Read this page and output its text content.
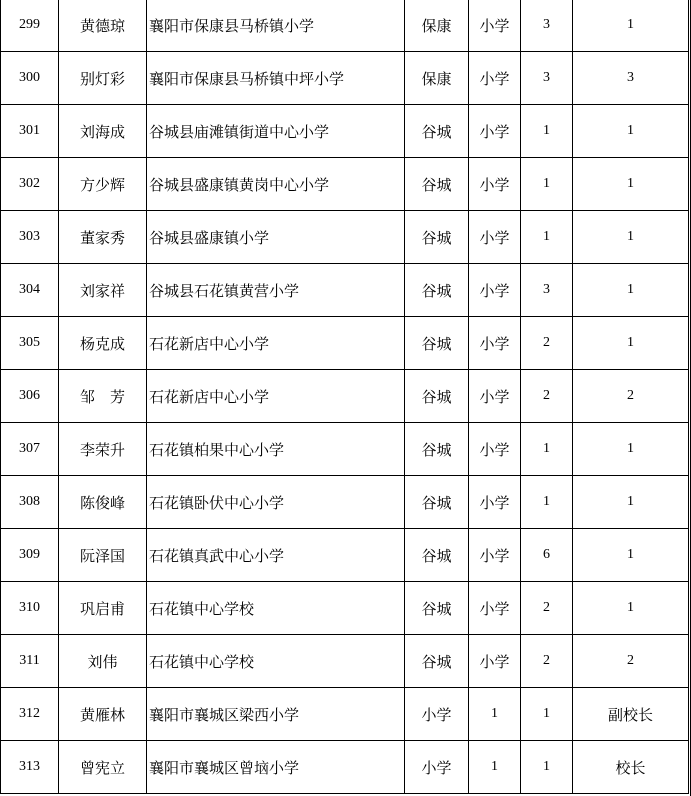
299	黄德琼	襄阳市保康县马桥镇小学	保康	小学	3	1
300	别灯彩	襄阳市保康县马桥镇中坪小学	保康	小学	3	3
301	刘海成	谷城县庙滩镇街道中心小学	谷城	小学	1	1
302	方少辉	谷城县盛康镇黄岗中心小学	谷城	小学	1	1
303	董家秀	谷城县盛康镇小学	谷城	小学	1	1
304	刘家祥	谷城县石花镇黄营小学	谷城	小学	3	1
305	杨克成	石花新店中心小学	谷城	小学	2	1
306	邹　芳	石花新店中心小学	谷城	小学	2	2
307	李荣升	石花镇柏果中心小学	谷城	小学	1	1
308	陈俊峰	石花镇卧伏中心小学	谷城	小学	1	1
309	阮泽国	石花镇真武中心小学	谷城	小学	6	1
310	巩启甫	石花镇中心学校	谷城	小学	2	1
311	刘伟	石花镇中心学校	谷城	小学	2	2
312	黄雁林	襄阳市襄城区梁西小学	小学	1	1	副校长
313	曾宪立	襄阳市襄城区曾垴小学	小学	1	1	校长
